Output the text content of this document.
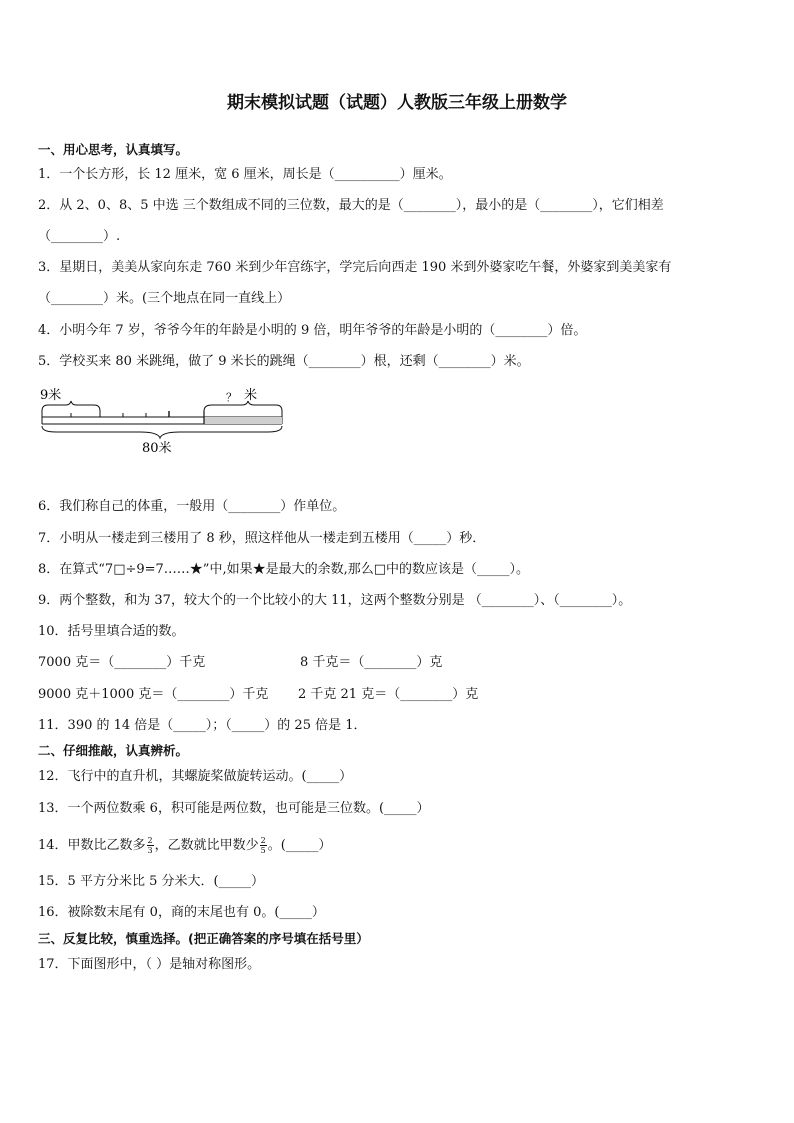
期末模拟试题（试题）人教版三年级上册数学
一、用心思考，认真填写。
1．一个长方形，长 12 厘米，宽 6 厘米，周长是（__________）厘米。
2．从 2、0、8、5 中选 三个数组成不同的三位数，最大的是（________），最小的是（________），它们相差
（________）.
3．星期日，美美从家向东走 760 米到少年宫练字，学完后向西走 190 米到外婆家吃午餐，外婆家到美美家有
（________）米。(三个地点在同一直线上）
4．小明今年 7 岁，爷爷今年的年龄是小明的 9 倍，明年爷爷的年龄是小明的（________）倍。
5．学校买来 80 米跳绳，做了 9 米长的跳绳（________）根，还剩（________）米。
9米	？ 米
80米
6．我们称自己的体重，一般用（________）作单位。
7．小明从一楼走到三楼用了 8 秒，照这样他从一楼走到五楼用（_____）秒．
8．在算式“7□÷9=7……★”中,如果★是最大的余数,那么□中的数应该是（_____）。
9．两个整数，和为 37，较大个的一个比较小的大 11，这两个整数分别是 （________）、（________）。
10．括号里填合适的数。
7000 克＝（________）千克	8 千克＝（________）克
9000 克＋1000 克＝（________）千克 2 千克 21 克＝（________）克
11．390 的 14 倍是（_____）；（_____）的 25 倍是 1．
二、仔细推敲，认真辨析。
12．飞行中的直升机，其螺旋桨做旋转运动。(_____）
13．一个两位数乘 6，积可能是两位数，也可能是三位数。(_____）
14．甲数比乙数多 $\frac{2}{3}$ ，乙数就比甲数少 $\frac{2}{5}$ 。(_____）
15．5 平方分米比 5 分米大．(_____）
16．被除数末尾有 0，商的末尾也有 0。(_____）
三、反复比较，慎重选择。(把正确答案的序号填在括号里）
17．下面图形中，（ ）是轴对称图形。
